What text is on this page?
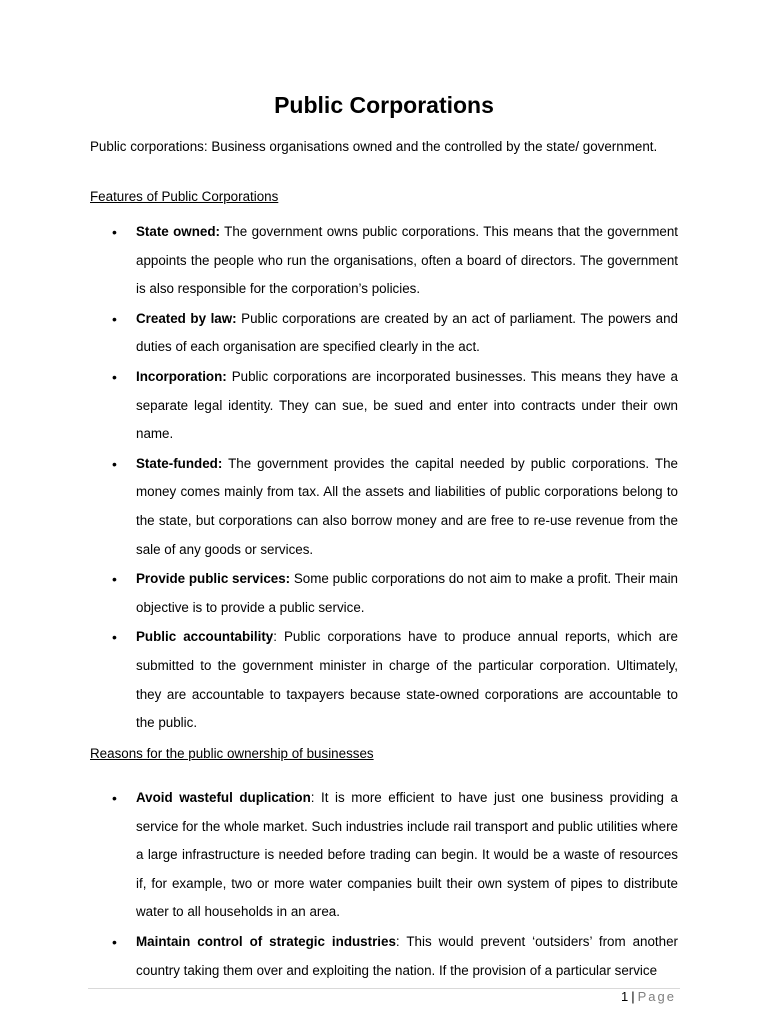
Public Corporations

Public corporations: Business organisations owned and the controlled by the state/ government.

Features of Public Corporations

• State owned: The government owns public corporations. This means that the government appoints the people who run the organisations, often a board of directors. The government is also responsible for the corporation’s policies.
• Created by law: Public corporations are created by an act of parliament. The powers and duties of each organisation are specified clearly in the act.
• Incorporation: Public corporations are incorporated businesses. This means they have a separate legal identity. They can sue, be sued and enter into contracts under their own name.
• State-funded: The government provides the capital needed by public corporations. The money comes mainly from tax. All the assets and liabilities of public corporations belong to the state, but corporations can also borrow money and are free to re-use revenue from the sale of any goods or services.
• Provide public services: Some public corporations do not aim to make a profit. Their main objective is to provide a public service.
• Public accountability: Public corporations have to produce annual reports, which are submitted to the government minister in charge of the particular corporation. Ultimately, they are accountable to taxpayers because state-owned corporations are accountable to the public.

Reasons for the public ownership of businesses

• Avoid wasteful duplication: It is more efficient to have just one business providing a service for the whole market. Such industries include rail transport and public utilities where a large infrastructure is needed before trading can begin. It would be a waste of resources if, for example, two or more water companies built their own system of pipes to distribute water to all households in an area.
• Maintain control of strategic industries: This would prevent ‘outsiders’ from another country taking them over and exploiting the nation. If the provision of a particular service
1 | Page
